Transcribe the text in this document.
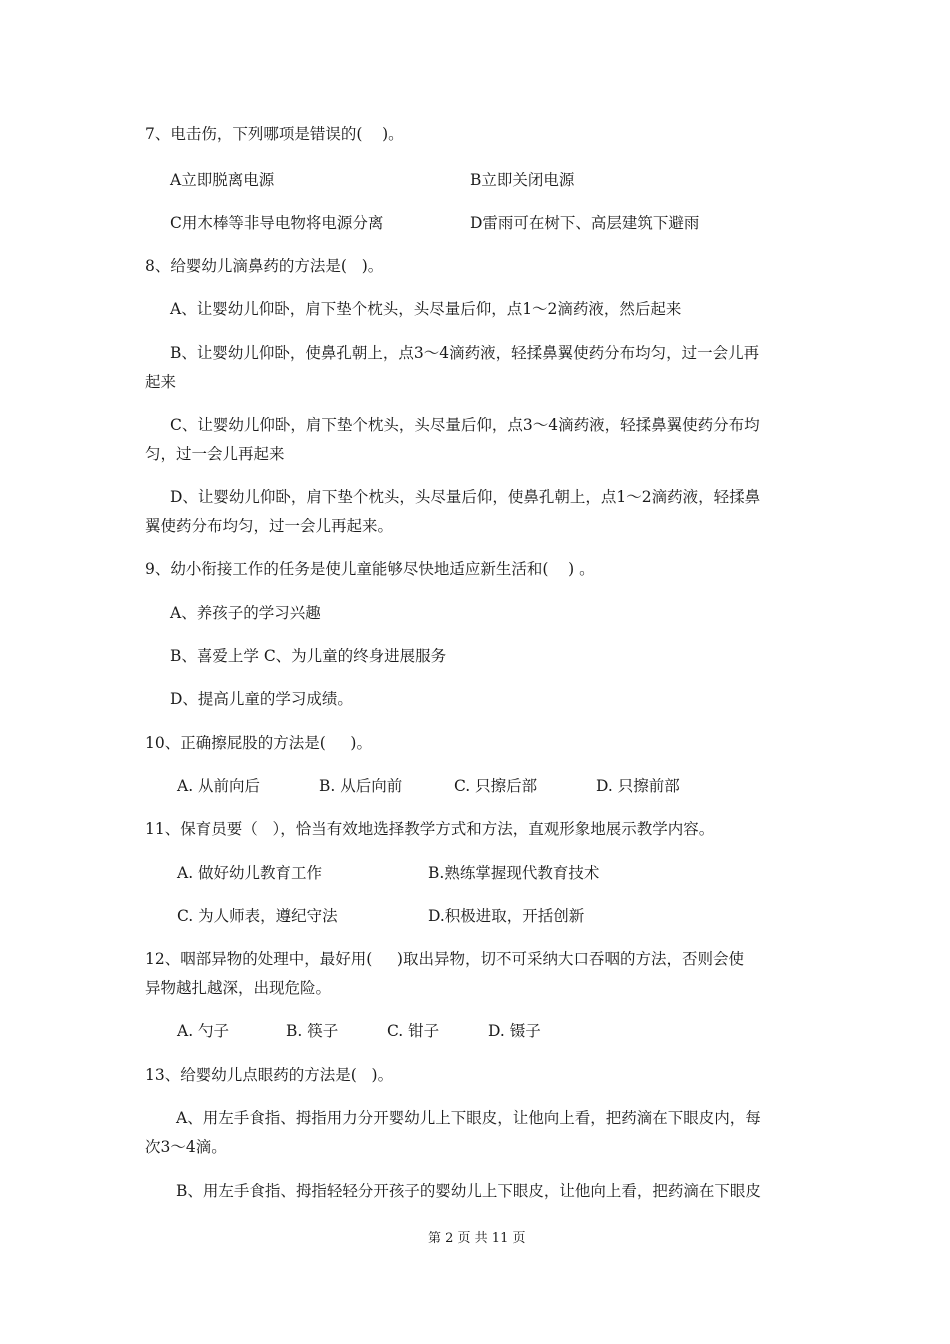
7、电击伤，下列哪项是错误的(    )。
A立即脱离电源	B立即关闭电源
C用木棒等非导电物将电源分离	D雷雨可在树下、高层建筑下避雨
8、给婴幼儿滴鼻药的方法是(   )。
A、让婴幼儿仰卧，肩下垫个枕头，头尽量后仰，点1～2滴药液，然后起来
B、让婴幼儿仰卧，使鼻孔朝上，点3～4滴药液，轻揉鼻翼使药分布均匀，过一会儿再
起来
C、让婴幼儿仰卧，肩下垫个枕头，头尽量后仰，点3～4滴药液，轻揉鼻翼使药分布均
匀，过一会儿再起来
D、让婴幼儿仰卧，肩下垫个枕头，头尽量后仰，使鼻孔朝上，点1～2滴药液，轻揉鼻
翼使药分布均匀，过一会儿再起来。
9、幼小衔接工作的任务是使儿童能够尽快地适应新生活和(    ) 。
A、养孩子的学习兴趣
B、喜爱上学 C、为儿童的终身进展服务
D、提高儿童的学习成绩。
10、正确擦屁股的方法是(     )。
A. 从前向后	B. 从后向前	C. 只擦后部	D. 只擦前部
11、保育员要（   ），恰当有效地选择教学方式和方法，直观形象地展示教学内容。
A. 做好幼儿教育工作	B.熟练掌握现代教育技术
C. 为人师表，遵纪守法	D.积极进取，开括创新
12、咽部异物的处理中，最好用(     )取出异物，切不可采纳大口吞咽的方法，否则会使
异物越扎越深，出现危险。
A. 勺子	B. 筷子	C. 钳子	D. 镊子
13、给婴幼儿点眼药的方法是(   )。
A、用左手食指、拇指用力分开婴幼儿上下眼皮，让他向上看，把药滴在下眼皮内，每
次3～4滴。
B、用左手食指、拇指轻轻分开孩子的婴幼儿上下眼皮，让他向上看，把药滴在下眼皮
第 2 页 共 11 页
